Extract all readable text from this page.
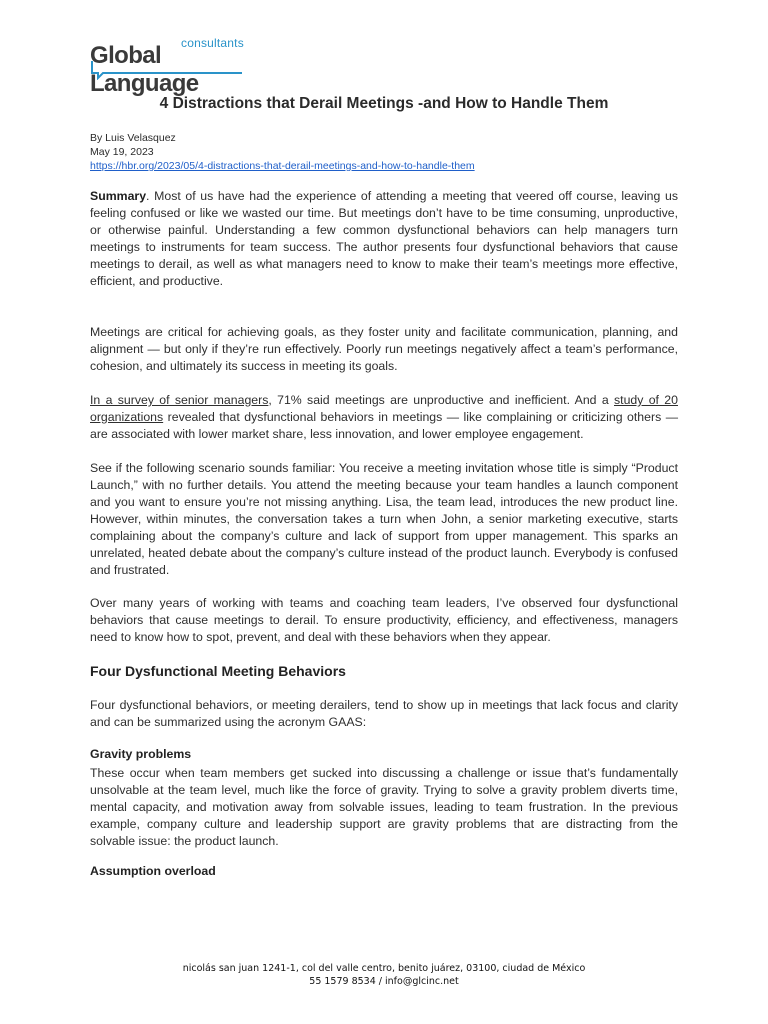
consultants
Global Language
4 Distractions that Derail Meetings -and How to Handle Them
By Luis Velasquez
May 19, 2023
https://hbr.org/2023/05/4-distractions-that-derail-meetings-and-how-to-handle-them
Summary. Most of us have had the experience of attending a meeting that veered off course, leaving us feeling confused or like we wasted our time. But meetings don’t have to be time consuming, unproductive, or otherwise painful. Understanding a few common dysfunctional behaviors can help managers turn meetings to instruments for team success. The author presents four dysfunctional behaviors that cause meetings to derail, as well as what managers need to know to make their team’s meetings more effective, efficient, and productive.
Meetings are critical for achieving goals, as they foster unity and facilitate communication, planning, and alignment — but only if they’re run effectively. Poorly run meetings negatively affect a team’s performance, cohesion, and ultimately its success in meeting its goals.
In a survey of senior managers, 71% said meetings are unproductive and inefficient. And a study of 20 organizations revealed that dysfunctional behaviors in meetings — like complaining or criticizing others — are associated with lower market share, less innovation, and lower employee engagement.
See if the following scenario sounds familiar: You receive a meeting invitation whose title is simply “Product Launch,” with no further details. You attend the meeting because your team handles a launch component and you want to ensure you’re not missing anything. Lisa, the team lead, introduces the new product line. However, within minutes, the conversation takes a turn when John, a senior marketing executive, starts complaining about the company’s culture and lack of support from upper management. This sparks an unrelated, heated debate about the company’s culture instead of the product launch. Everybody is confused and frustrated.
Over many years of working with teams and coaching team leaders, I’ve observed four dysfunctional behaviors that cause meetings to derail. To ensure productivity, efficiency, and effectiveness, managers need to know how to spot, prevent, and deal with these behaviors when they appear.
Four Dysfunctional Meeting Behaviors
Four dysfunctional behaviors, or meeting derailers, tend to show up in meetings that lack focus and clarity and can be summarized using the acronym GAAS:
Gravity problems
These occur when team members get sucked into discussing a challenge or issue that’s fundamentally unsolvable at the team level, much like the force of gravity. Trying to solve a gravity problem diverts time, mental capacity, and motivation away from solvable issues, leading to team frustration. In the previous example, company culture and leadership support are gravity problems that are distracting from the solvable issue: the product launch.
Assumption overload
nicolás san juan 1241-1, col del valle centro, benito juárez, 03100, ciudad de México
55 1579 8534 / info@glcinc.net
